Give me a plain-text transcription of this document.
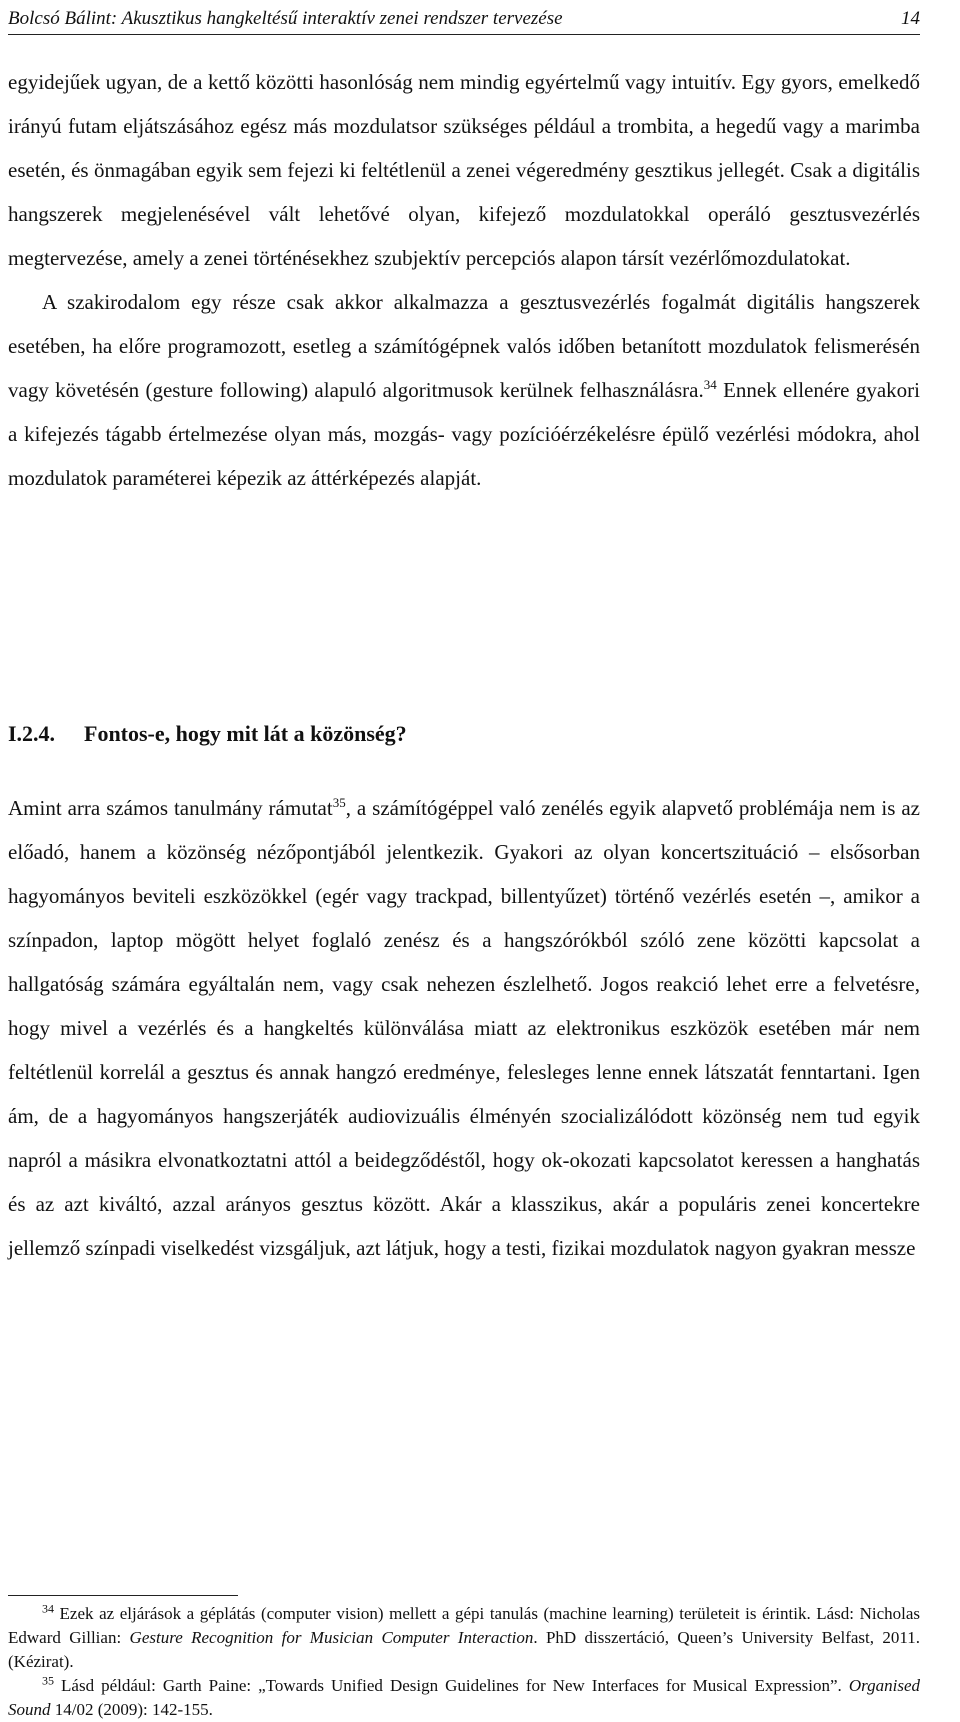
Bolcsó Bálint: Akusztikus hangkeltésű interaktív zenei rendszer tervezése	14

egyidejűek ugyan, de a kettő közötti hasonlóság nem mindig egyértelmű vagy intuitív. Egy gyors, emelkedő irányú futam eljátszásához egész más mozdulatsor szükséges például a trombita, a hegedű vagy a marimba esetén, és önmagában egyik sem fejezi ki feltétlenül a zenei végeredmény gesztikus jellegét. Csak a digitális hangszerek megjelenésével vált lehetővé olyan, kifejező mozdulatokkal operáló gesztusvezérlés megtervezése, amely a zenei történésekhez szubjektív percepciós alapon társít vezérlőmozdulatokat.

A szakirodalom egy része csak akkor alkalmazza a gesztusvezérlés fogalmát digitális hangszerek esetében, ha előre programozott, esetleg a számítógépnek valós időben betanított mozdulatok felismerésén vagy követésén (gesture following) alapuló algoritmusok kerülnek felhasználásra.$^{34}$ Ennek ellenére gyakori a kifejezés tágabb értelmezése olyan más, mozgás- vagy pozícióérzékelésre épülő vezérlési módokra, ahol mozdulatok paraméterei képezik az áttérképezés alapját.

I.2.4. Fontos-e, hogy mit lát a közönség?

Amint arra számos tanulmány rámutat$^{35}$, a számítógéppel való zenélés egyik alapvető problémája nem is az előadó, hanem a közönség nézőpontjából jelentkezik. Gyakori az olyan koncertszituáció – elsősorban hagyományos beviteli eszközökkel (egér vagy trackpad, billentyűzet) történő vezérlés esetén –, amikor a színpadon, laptop mögött helyet foglaló zenész és a hangszórókból szóló zene közötti kapcsolat a hallgatóság számára egyáltalán nem, vagy csak nehezen észlelhető. Jogos reakció lehet erre a felvetésre, hogy mivel a vezérlés és a hangkeltés különválása miatt az elektronikus eszközök esetében már nem feltétlenül korrelál a gesztus és annak hangzó eredménye, felesleges lenne ennek látszatát fenntartani. Igen ám, de a hagyományos hangszerjáték audiovizuális élményén szocializálódott közönség nem tud egyik napról a másikra elvonatkoztatni attól a beidegződéstől, hogy ok-okozati kapcsolatot keressen a hanghatás és az azt kiváltó, azzal arányos gesztus között. Akár a klasszikus, akár a populáris zenei koncertekre jellemző színpadi viselkedést vizsgáljuk, azt látjuk, hogy a testi, fizikai mozdulatok nagyon gyakran messze

$^{34}$ Ezek az eljárások a géplátás (computer vision) mellett a gépi tanulás (machine learning) területeit is érintik. Lásd: Nicholas Edward Gillian: Gesture Recognition for Musician Computer Interaction. PhD disszertáció, Queen’s University Belfast, 2011. (Kézirat).

$^{35}$ Lásd például: Garth Paine: „Towards Unified Design Guidelines for New Interfaces for Musical Expression”. Organised Sound 14/02 (2009): 142-155.
